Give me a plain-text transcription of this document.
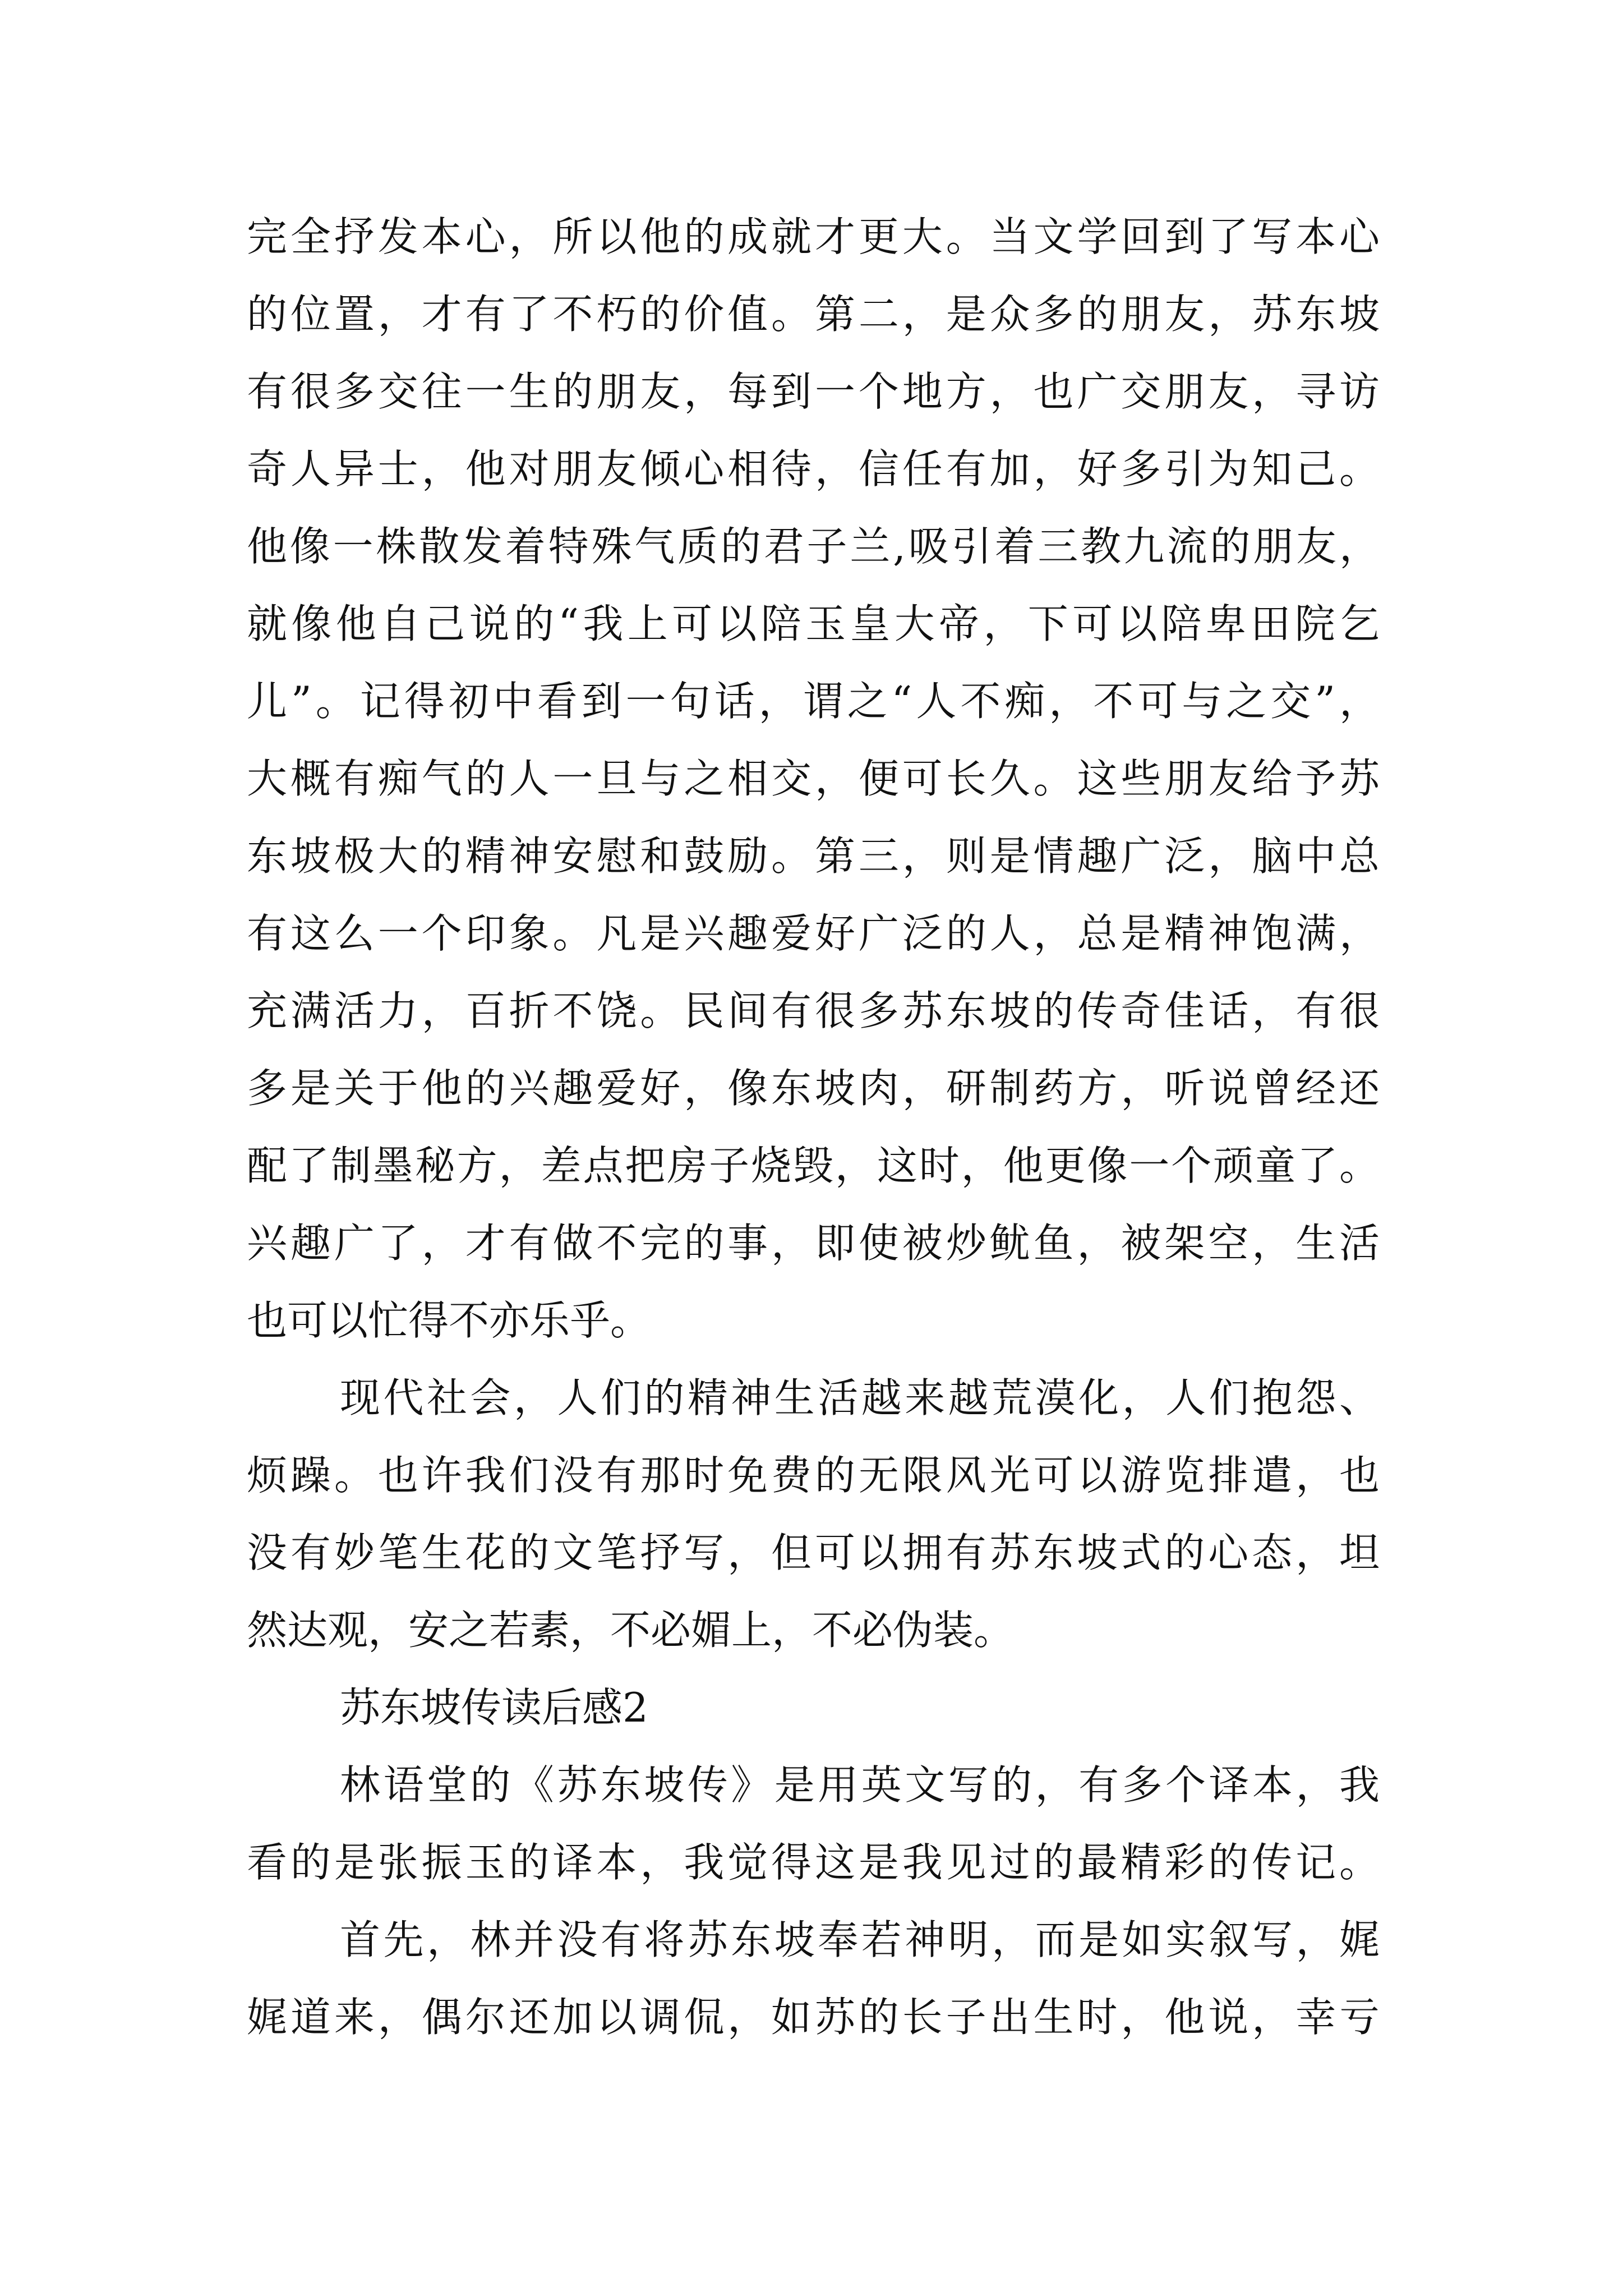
完全抒发本心，所以他的成就才更大。当文学回到了写本心

的位置，才有了不朽的价值。第二，是众多的朋友，苏东坡

有很多交往一生的朋友，每到一个地方，也广交朋友，寻访

奇人异士，他对朋友倾心相待，信任有加，好多引为知己。

他像一株散发着特殊气质的君子兰,吸引着三教九流的朋友，

就像他自己说的“我上可以陪玉皇大帝，下可以陪卑田院乞

儿”。记得初中看到一句话，谓之“人不痴，不可与之交”，

大概有痴气的人一旦与之相交，便可长久。这些朋友给予苏

东坡极大的精神安慰和鼓励。第三，则是情趣广泛，脑中总

有这么一个印象。凡是兴趣爱好广泛的人，总是精神饱满，

充满活力，百折不饶。民间有很多苏东坡的传奇佳话，有很

多是关于他的兴趣爱好，像东坡肉，研制药方，听说曾经还

配了制墨秘方，差点把房子烧毁，这时，他更像一个顽童了。

兴趣广了，才有做不完的事，即使被炒鱿鱼，被架空，生活

也可以忙得不亦乐乎。

现代社会，人们的精神生活越来越荒漠化，人们抱怨、

烦躁。也许我们没有那时免费的无限风光可以游览排遣，也

没有妙笔生花的文笔抒写，但可以拥有苏东坡式的心态，坦

然达观，安之若素，不必媚上，不必伪装。

苏东坡传读后感2

林语堂的《苏东坡传》是用英文写的，有多个译本，我

看的是张振玉的译本，我觉得这是我见过的最精彩的传记。

首先，林并没有将苏东坡奉若神明，而是如实叙写，娓

娓道来，偶尔还加以调侃，如苏的长子出生时，他说，幸亏
